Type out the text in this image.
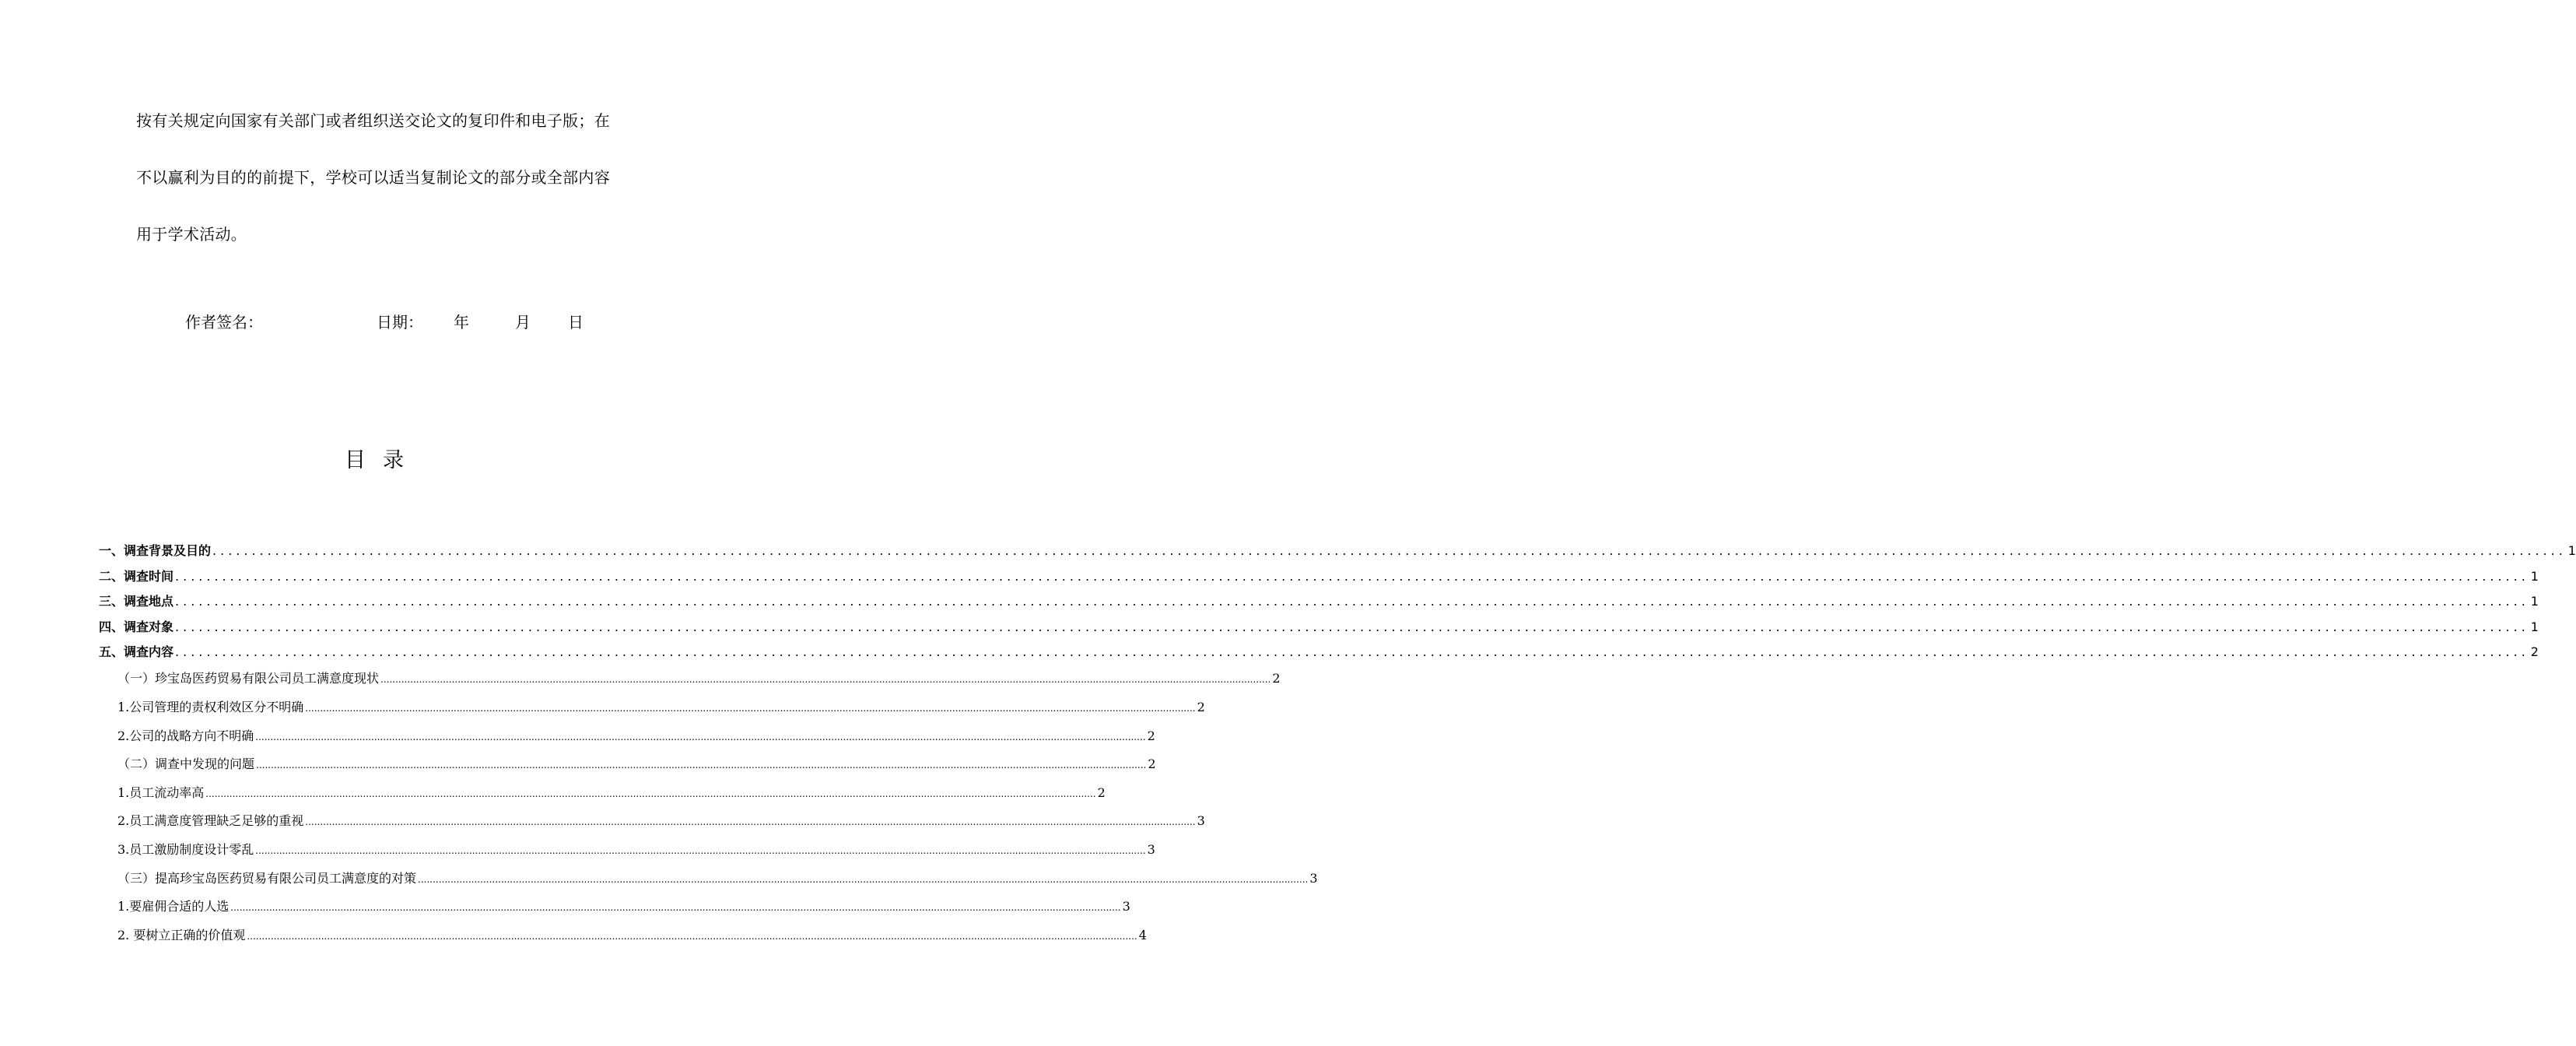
按有关规定向国家有关部门或者组织送交论文的复印件和电子版；在
不以赢利为目的的前提下，学校可以适当复制论文的部分或全部内容
用于学术活动。
作者签名：	日期： 年	月 日
目录
一、调查背景及目的 ............................................................................................................................................................................................................................................................................................................ 1
二、调查时间 ............................................................................................................................................................................................................................................................................................................ 1
三、调查地点 ............................................................................................................................................................................................................................................................................................................ 1
四、调查对象 ............................................................................................................................................................................................................................................................................................................ 1
五、调查内容 ............................................................................................................................................................................................................................................................................................................ 2
（一）珍宝岛医药贸易有限公司员工满意度现状 ............................................................................................................................................................................................................................................................................................................ 2
1.公司管理的责权利效区分不明确 ............................................................................................................................................................................................................................................................................................................ 2
2.公司的战略方向不明确 ............................................................................................................................................................................................................................................................................................................ 2
（二）调查中发现的问题 ............................................................................................................................................................................................................................................................................................................ 2
1.员工流动率高 ............................................................................................................................................................................................................................................................................................................ 2
2.员工满意度管理缺乏足够的重视 ............................................................................................................................................................................................................................................................................................................ 3
3.员工激励制度设计零乱 ............................................................................................................................................................................................................................................................................................................ 3
（三）提高珍宝岛医药贸易有限公司员工满意度的对策 ............................................................................................................................................................................................................................................................................................................ 3
1.要雇佣合适的人选 ............................................................................................................................................................................................................................................................................................................ 3
2. 要树立正确的价值观 ............................................................................................................................................................................................................................................................................................................ 4
